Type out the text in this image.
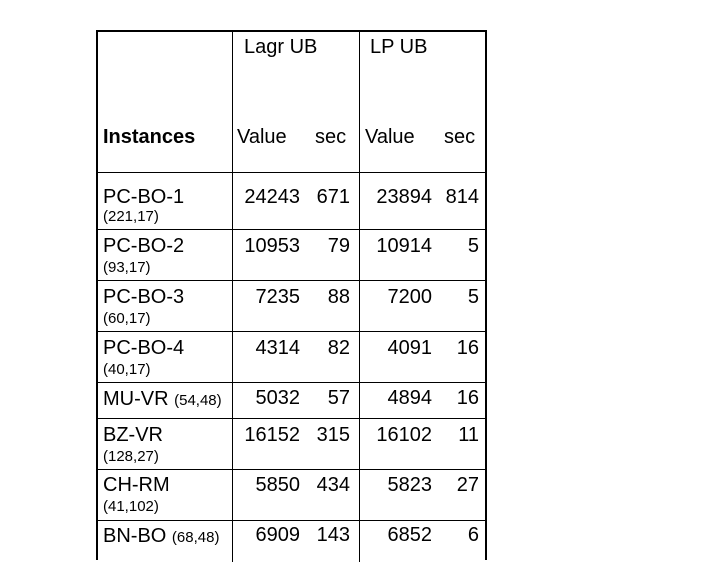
Lagr UB	LP UB
Instances Value sec Value sec
PC-BO-1
(221,17)
24243 671	23894 814
PC-BO-2
(93,17)
10953	79	10914	5
PC-BO-3
(60,17)
7235	88	7200	5
PC-BO-4
(40,17)
4314	82	4091	16
MU-VR (54,48)	5032	57	4894	16
BZ-VR
(128,27)
16152 315	16102	11
CH-RM
(41,102)
5850 434	5823	27
BN-BO (68,48)	6909 143	6852	6
